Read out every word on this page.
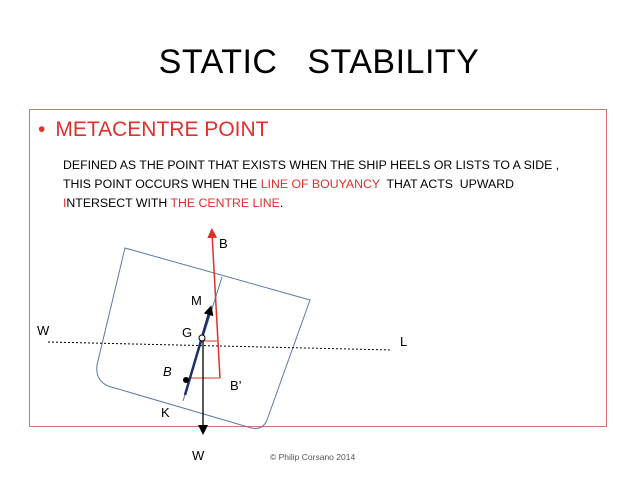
STATIC   STABILITY
• METACENTRE POINT
DEFINED AS THE POINT THAT EXISTS WHEN THE SHIP HEELS OR LISTS TO A SIDE ,
THIS POINT OCCURS WHEN THE LINE OF BOUYANCY  THAT ACTS  UPWARD
INTERSECT WITH THE CENTRE LINE.
B
M
W
L
G
B
B’
K
W	© Philip Corsano 2014
